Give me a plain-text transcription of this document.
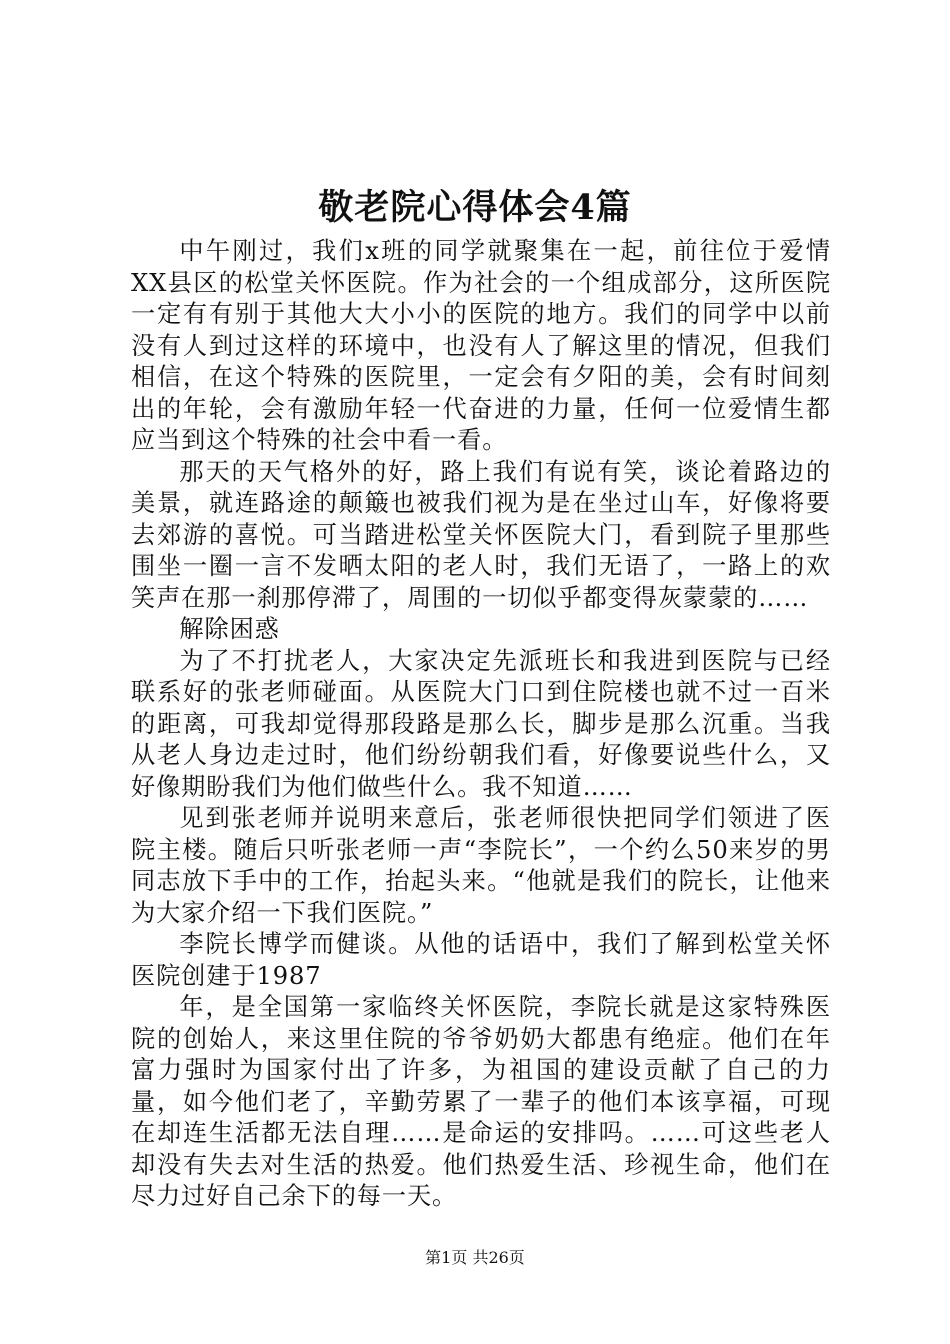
敬老院心得体会4篇

中午刚过，我们x班的同学就聚集在一起，前往位于爱情XX县区的松堂关怀医院。作为社会的一个组成部分，这所医院一定有有别于其他大大小小的医院的地方。我们的同学中以前没有人到过这样的环境中，也没有人了解这里的情况，但我们相信，在这个特殊的医院里，一定会有夕阳的美，会有时间刻出的年轮，会有激励年轻一代奋进的力量，任何一位爱情生都应当到这个特殊的社会中看一看。

那天的天气格外的好，路上我们有说有笑，谈论着路边的美景，就连路途的颠簸也被我们视为是在坐过山车，好像将要去郊游的喜悦。可当踏进松堂关怀医院大门，看到院子里那些围坐一圈一言不发晒太阳的老人时，我们无语了，一路上的欢笑声在那一刹那停滞了，周围的一切似乎都变得灰蒙蒙的……

解除困惑

为了不打扰老人，大家决定先派班长和我进到医院与已经联系好的张老师碰面。从医院大门口到住院楼也就不过一百米的距离，可我却觉得那段路是那么长，脚步是那么沉重。当我从老人身边走过时，他们纷纷朝我们看，好像要说些什么，又好像期盼我们为他们做些什么。我不知道……

见到张老师并说明来意后，张老师很快把同学们领进了医院主楼。随后只听张老师一声“李院长”，一个约么50来岁的男同志放下手中的工作，抬起头来。“他就是我们的院长，让他来为大家介绍一下我们医院。”

李院长博学而健谈。从他的话语中，我们了解到松堂关怀医院创建于1987

年，是全国第一家临终关怀医院，李院长就是这家特殊医院的创始人，来这里住院的爷爷奶奶大都患有绝症。他们在年富力强时为国家付出了许多，为祖国的建设贡献了自己的力量，如今他们老了，辛勤劳累了一辈子的他们本该享福，可现在却连生活都无法自理……是命运的安排吗。……可这些老人却没有失去对生活的热爱。他们热爱生活、珍视生命，他们在尽力过好自己余下的每一天。

第1页 共26页
